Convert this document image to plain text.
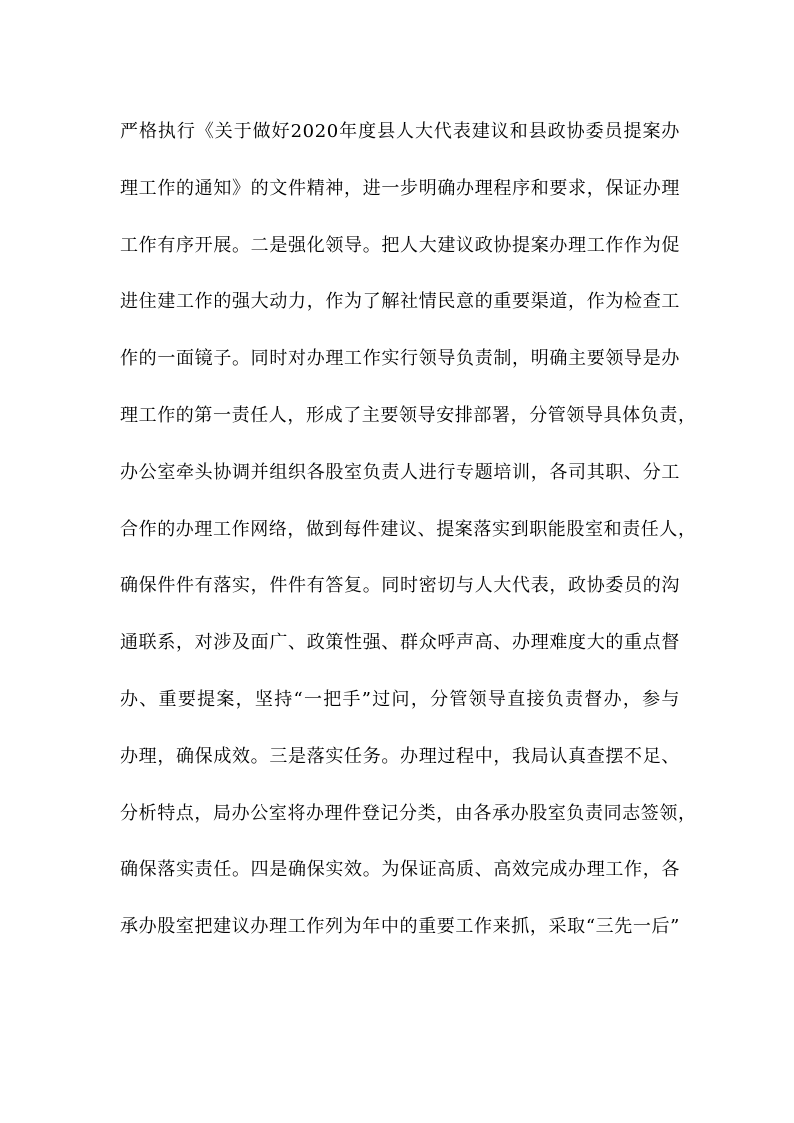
严格执行《关于做好2020年度县人大代表建议和县政协委员提案办
理工作的通知》的文件精神，进一步明确办理程序和要求，保证办理
工作有序开展。二是强化领导。把人大建议政协提案办理工作作为促
进住建工作的强大动力，作为了解社情民意的重要渠道，作为检查工
作的一面镜子。同时对办理工作实行领导负责制，明确主要领导是办
理工作的第一责任人，形成了主要领导安排部署，分管领导具体负责，
办公室牵头协调并组织各股室负责人进行专题培训，各司其职、分工
合作的办理工作网络，做到每件建议、提案落实到职能股室和责任人，
确保件件有落实，件件有答复。同时密切与人大代表，政协委员的沟
通联系，对涉及面广、政策性强、群众呼声高、办理难度大的重点督
办、重要提案，坚持“一把手”过问，分管领导直接负责督办，参与
办理，确保成效。三是落实任务。办理过程中，我局认真查摆不足、
分析特点，局办公室将办理件登记分类，由各承办股室负责同志签领，
确保落实责任。四是确保实效。为保证高质、高效完成办理工作，各
承办股室把建议办理工作列为年中的重要工作来抓，采取“三先一后”
